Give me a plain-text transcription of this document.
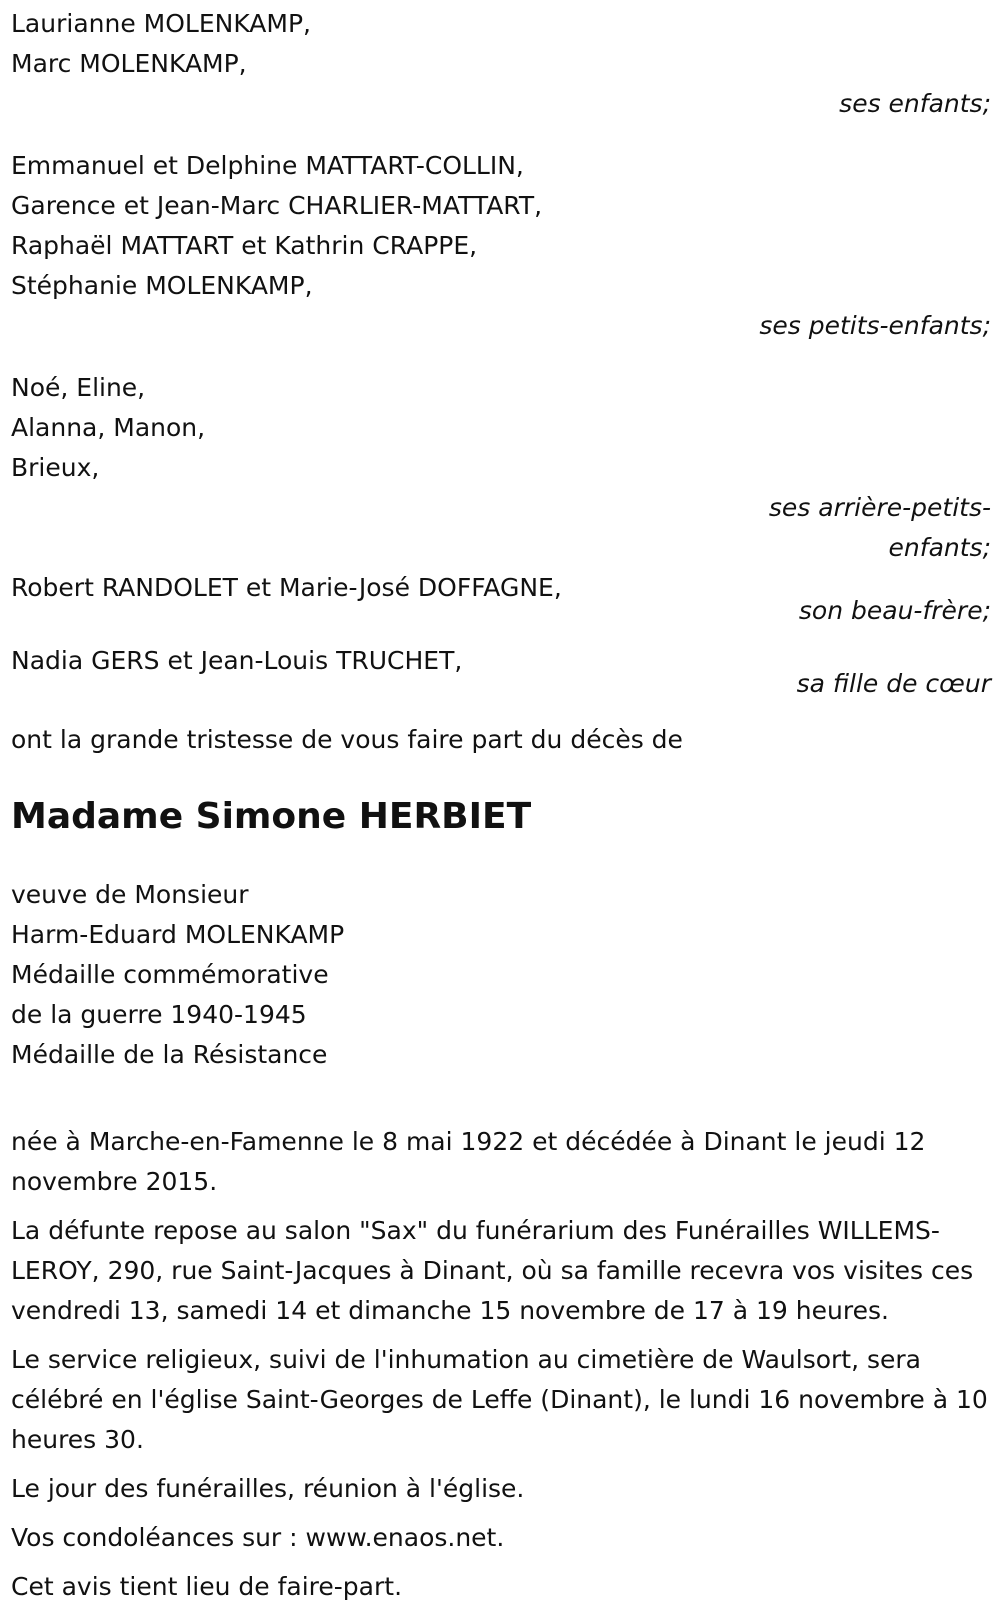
Laurianne MOLENKAMP,
Marc MOLENKAMP,
ses enfants;
Emmanuel et Delphine MATTART-COLLIN,
Garence et Jean-Marc CHARLIER-MATTART,
Raphaël MATTART et Kathrin CRAPPE,
Stéphanie MOLENKAMP,
ses petits-enfants;
Noé, Eline,
Alanna, Manon,
Brieux,
ses arrière-petits-
enfants;
Robert RANDOLET et Marie-José DOFFAGNE,
son beau-frère;
Nadia GERS et Jean-Louis TRUCHET,
sa fille de cœur
ont la grande tristesse de vous faire part du décès de
Madame Simone HERBIET
veuve de Monsieur
Harm-Eduard MOLENKAMP
Médaille commémorative
de la guerre 1940-1945
Médaille de la Résistance
née à Marche-en-Famenne le 8 mai 1922 et décédée à Dinant le jeudi 12 novembre 2015.
La défunte repose au salon "Sax" du funérarium des Funérailles WILLEMS-LEROY, 290, rue Saint-Jacques à Dinant, où sa famille recevra vos visites ces vendredi 13, samedi 14 et dimanche 15 novembre de 17 à 19 heures.
Le service religieux, suivi de l'inhumation au cimetière de Waulsort, sera célébré en l'église Saint-Georges de Leffe (Dinant), le lundi 16 novembre à 10 heures 30.
Le jour des funérailles, réunion à l'église.
Vos condoléances sur : www.enaos.net.
Cet avis tient lieu de faire-part.
